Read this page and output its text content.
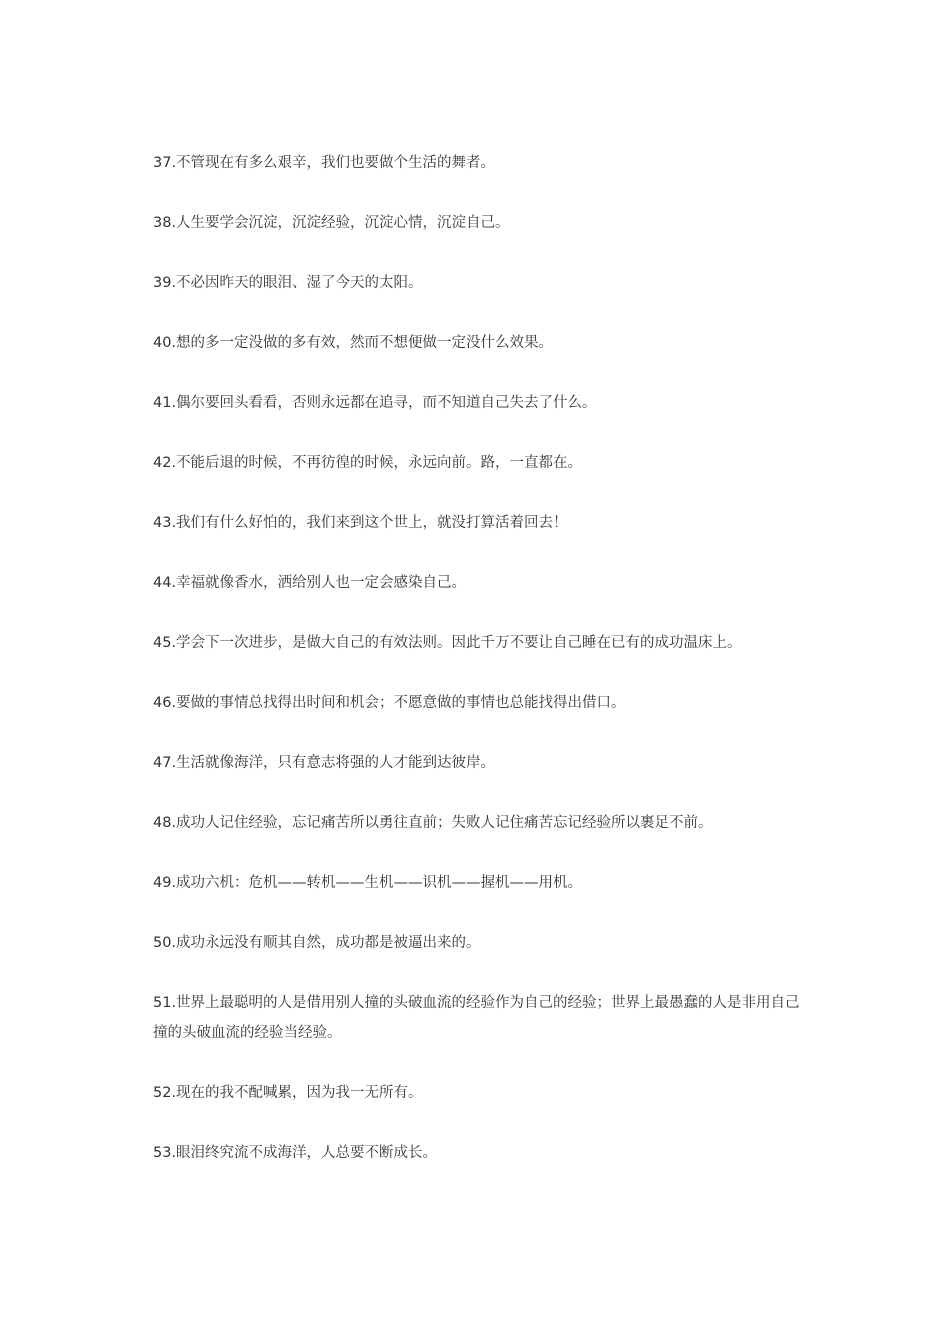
37.不管现在有多么艰辛，我们也要做个生活的舞者。

38.人生要学会沉淀，沉淀经验，沉淀心情，沉淀自己。

39.不必因昨天的眼泪、湿了今天的太阳。

40.想的多一定没做的多有效，然而不想便做一定没什么效果。

41.偶尔要回头看看，否则永远都在追寻，而不知道自己失去了什么。

42.不能后退的时候，不再彷徨的时候，永远向前。路，一直都在。

43.我们有什么好怕的，我们来到这个世上，就没打算活着回去！

44.幸福就像香水，洒给别人也一定会感染自己。

45.学会下一次进步，是做大自己的有效法则。因此千万不要让自己睡在已有的成功温床上。

46.要做的事情总找得出时间和机会；不愿意做的事情也总能找得出借口。

47.生活就像海洋，只有意志将强的人才能到达彼岸。

48.成功人记住经验，忘记痛苦所以勇往直前；失败人记住痛苦忘记经验所以裹足不前。

49.成功六机：危机——转机——生机——识机——握机——用机。

50.成功永远没有顺其自然，成功都是被逼出来的。

51.世界上最聪明的人是借用别人撞的头破血流的经验作为自己的经验；世界上最愚蠢的人是非用自己撞的头破血流的经验当经验。

52.现在的我不配喊累，因为我一无所有。

53.眼泪终究流不成海洋，人总要不断成长。
